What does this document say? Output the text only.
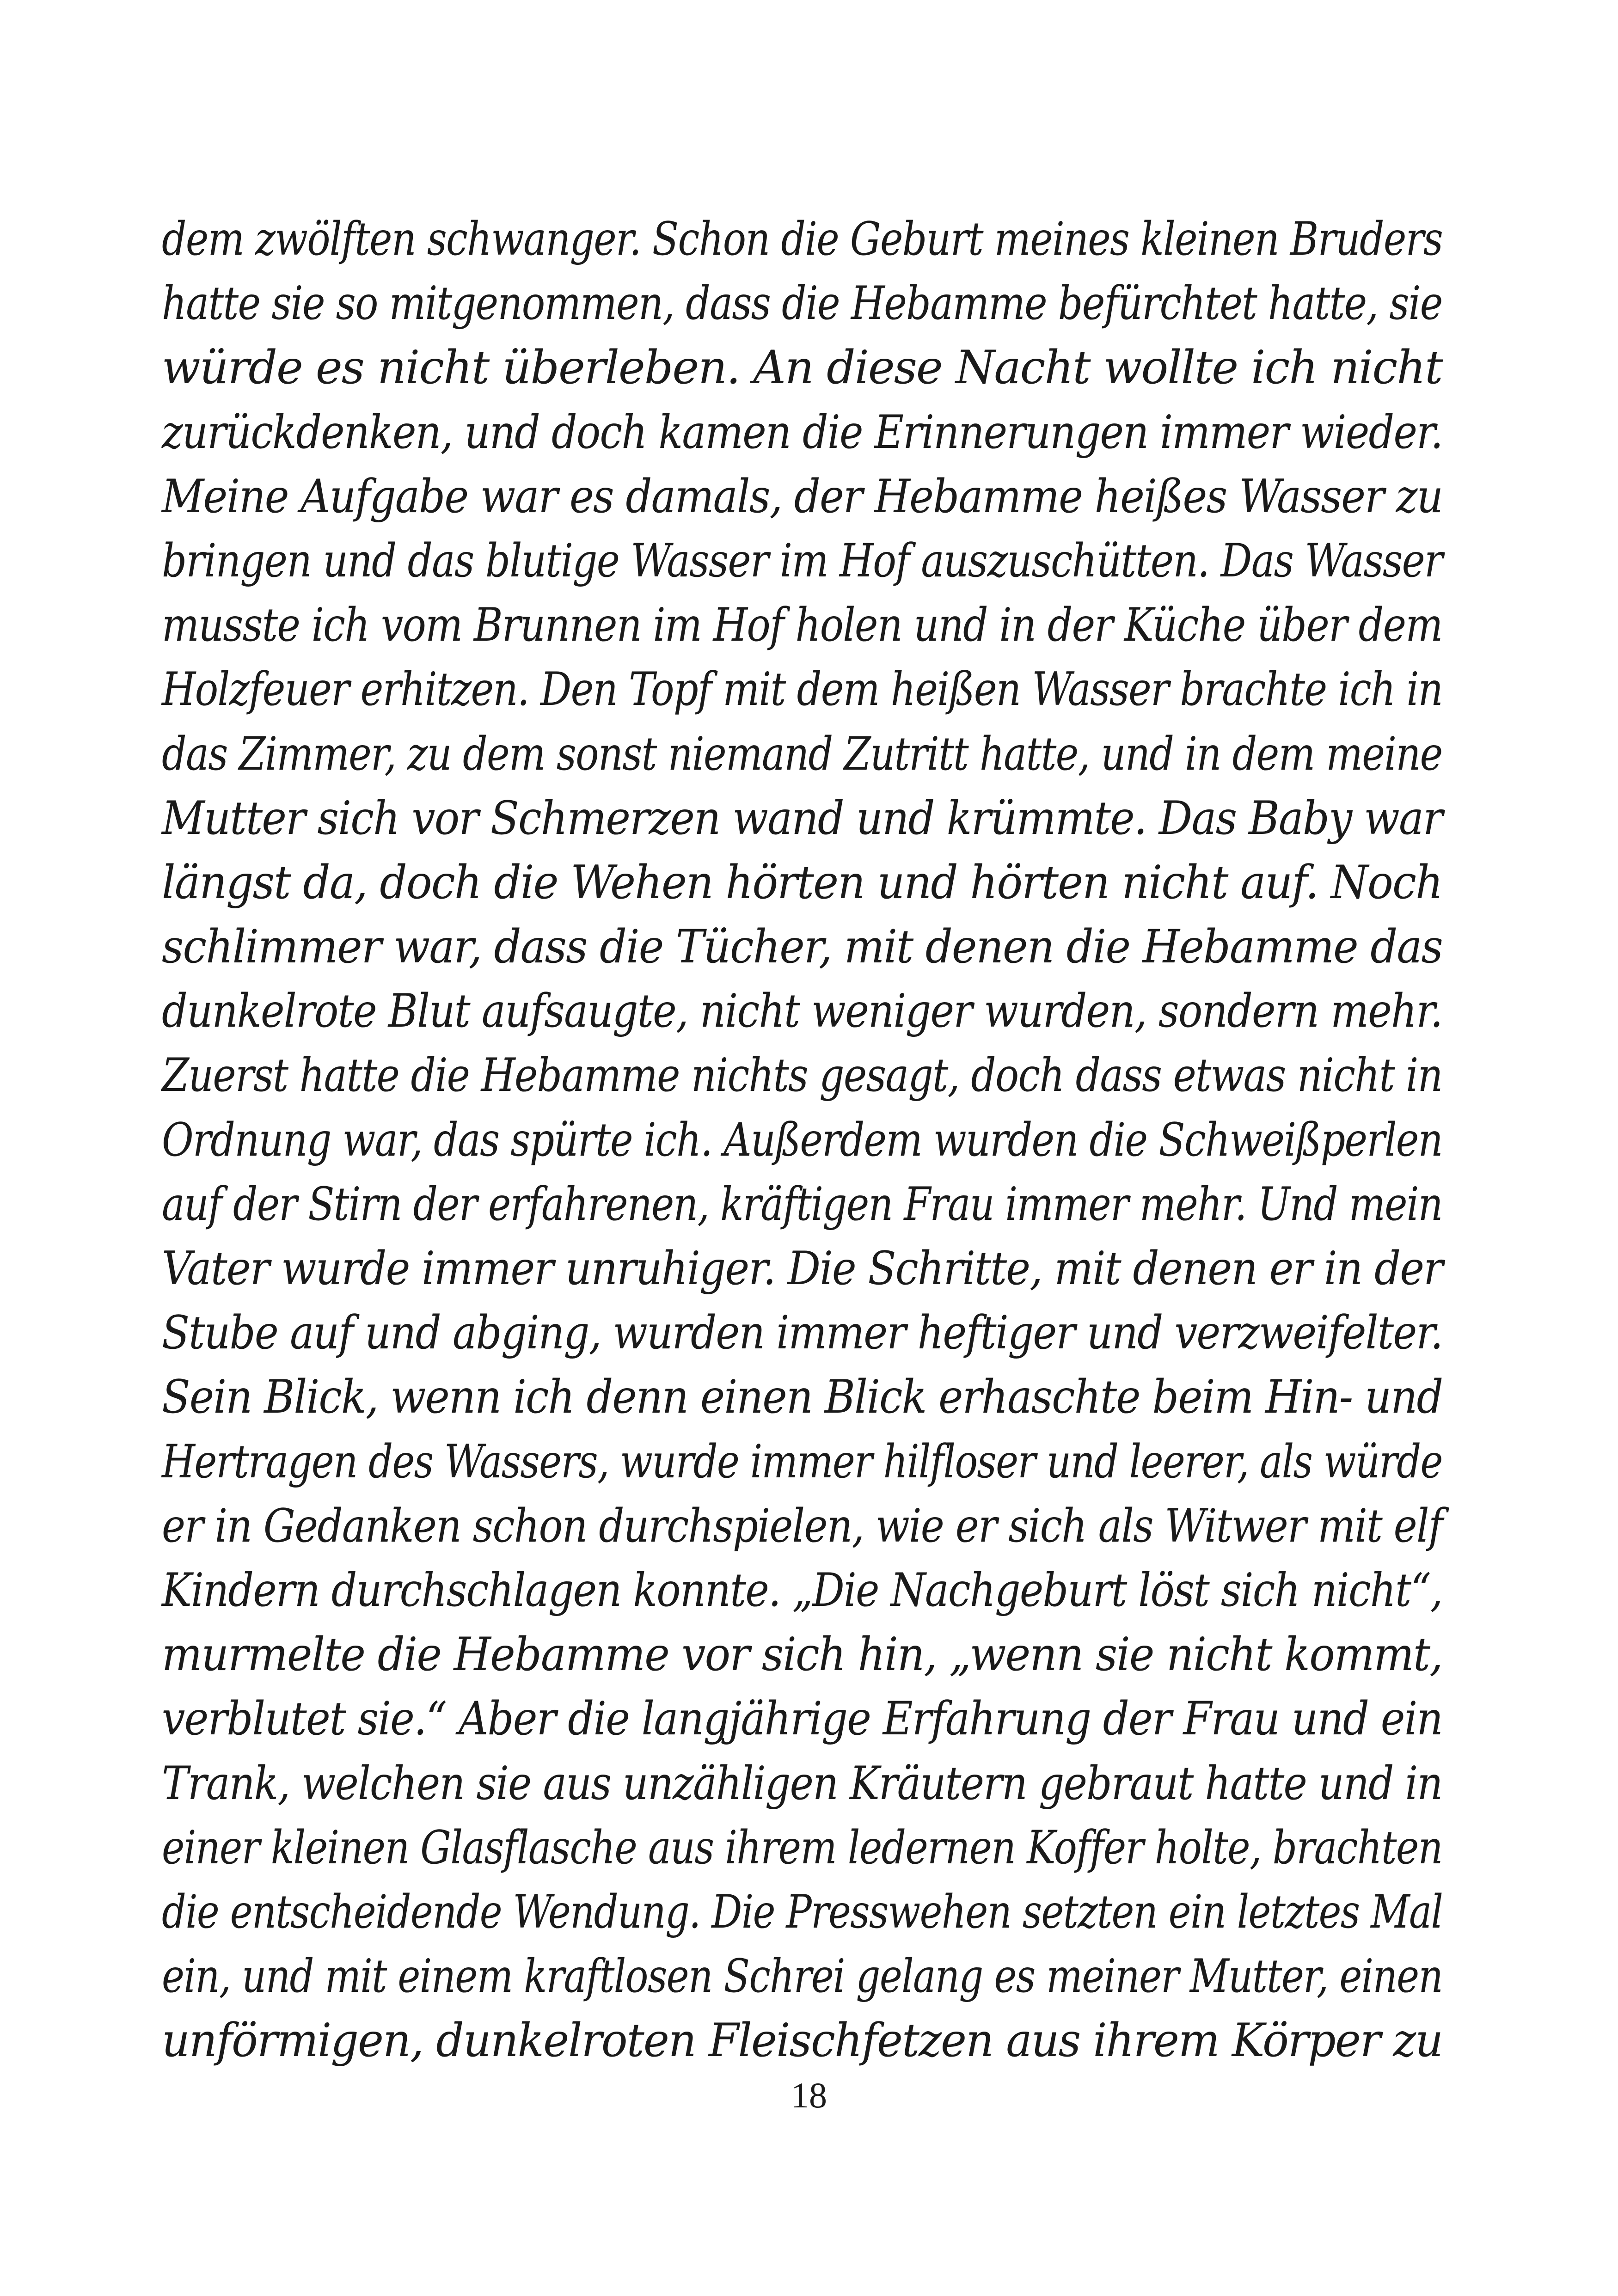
dem zwölften schwanger. Schon die Geburt meines kleinen Bruders
hatte sie so mitgenommen, dass die Hebamme befürchtet hatte, sie
würde es nicht überleben. An diese Nacht wollte ich nicht
zurückdenken, und doch kamen die Erinnerungen immer wieder.
Meine Aufgabe war es damals, der Hebamme heißes Wasser zu
bringen und das blutige Wasser im Hof auszuschütten. Das Wasser
musste ich vom Brunnen im Hof holen und in der Küche über dem
Holzfeuer erhitzen. Den Topf mit dem heißen Wasser brachte ich in
das Zimmer, zu dem sonst niemand Zutritt hatte, und in dem meine
Mutter sich vor Schmerzen wand und krümmte. Das Baby war
längst da, doch die Wehen hörten und hörten nicht auf. Noch
schlimmer war, dass die Tücher, mit denen die Hebamme das
dunkelrote Blut aufsaugte, nicht weniger wurden, sondern mehr.
Zuerst hatte die Hebamme nichts gesagt, doch dass etwas nicht in
Ordnung war, das spürte ich. Außerdem wurden die Schweißperlen
auf der Stirn der erfahrenen, kräftigen Frau immer mehr. Und mein
Vater wurde immer unruhiger. Die Schritte, mit denen er in der
Stube auf und abging, wurden immer heftiger und verzweifelter.
Sein Blick, wenn ich denn einen Blick erhaschte beim Hin- und
Hertragen des Wassers, wurde immer hilfloser und leerer, als würde
er in Gedanken schon durchspielen, wie er sich als Witwer mit elf
Kindern durchschlagen konnte. „Die Nachgeburt löst sich nicht“,
murmelte die Hebamme vor sich hin, „wenn sie nicht kommt,
verblutet sie.“ Aber die langjährige Erfahrung der Frau und ein
Trank, welchen sie aus unzähligen Kräutern gebraut hatte und in
einer kleinen Glasflasche aus ihrem ledernen Koffer holte, brachten
die entscheidende Wendung. Die Presswehen setzten ein letztes Mal
ein, und mit einem kraftlosen Schrei gelang es meiner Mutter, einen
unförmigen, dunkelroten Fleischfetzen aus ihrem Körper zu
18
